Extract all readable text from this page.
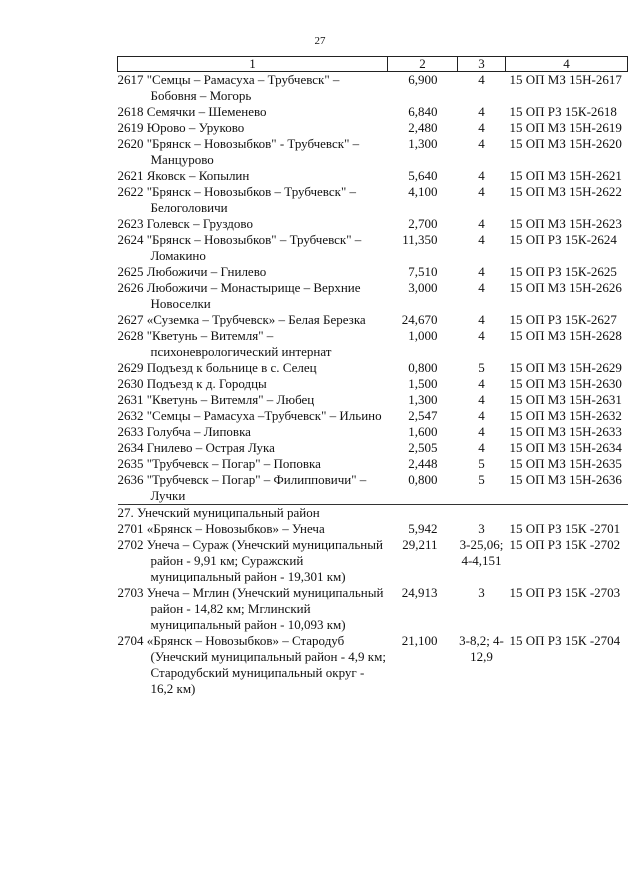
27
1	2	3	4
2617 "Семцы – Рамасуха – Трубчевск" – Бобовня – Могорь	6,900	4	15 ОП МЗ 15Н-2617
2618 Семячки – Шеменево	6,840	4	15 ОП РЗ 15К-2618
2619 Юрово – Уруково	2,480	4	15 ОП МЗ 15Н-2619
2620 "Брянск – Новозыбков" - Трубчевск" – Манцурово	1,300	4	15 ОП МЗ 15Н-2620
2621 Яковск – Копылин	5,640	4	15 ОП МЗ 15Н-2621
2622 "Брянск – Новозыбков – Трубчевск" – Белоголовичи	4,100	4	15 ОП МЗ 15Н-2622
2623 Голевск – Груздово	2,700	4	15 ОП МЗ 15Н-2623
2624 "Брянск – Новозыбков" – Трубчевск" – Ломакино	11,350	4	15 ОП РЗ 15К-2624
2625 Любожичи – Гнилево	7,510	4	15 ОП РЗ 15К-2625
2626 Любожичи – Монастырище – Верхние Новоселки	3,000	4	15 ОП МЗ 15Н-2626
2627 «Суземка – Трубчевск» – Белая Березка	24,670	4	15 ОП РЗ 15К-2627
2628 "Кветунь – Витемля" – психоневрологический интернат	1,000	4	15 ОП МЗ 15Н-2628
2629 Подъезд к больнице в с. Селец	0,800	5	15 ОП МЗ 15Н-2629
2630 Подъезд к д. Городцы	1,500	4	15 ОП МЗ 15Н-2630
2631 "Кветунь – Витемля" – Любец	1,300	4	15 ОП МЗ 15Н-2631
2632 "Семцы – Рамасуха –Трубчевск" – Ильино	2,547	4	15 ОП МЗ 15Н-2632
2633 Голубча – Липовка	1,600	4	15 ОП МЗ 15Н-2633
2634 Гнилево – Острая Лука	2,505	4	15 ОП МЗ 15Н-2634
2635 "Трубчевск – Погар" – Поповка	2,448	5	15 ОП МЗ 15Н-2635
2636 "Трубчевск – Погар" – Филипповичи" – Лучки	0,800	5	15 ОП МЗ 15Н-2636
27. Унечский муниципальный район			
2701 «Брянск – Новозыбков» – Унеча	5,942	3	15 ОП РЗ 15К -2701
2702 Унеча – Сураж (Унечский муниципальный район - 9,91 км; Суражский муниципальный район - 19,301 км)	29,211	3-25,06; 4-4,151	15 ОП РЗ 15К -2702
2703 Унеча – Мглин (Унечский муниципальный район - 14,82 км; Мглинский муниципальный район - 10,093 км)	24,913	3	15 ОП РЗ 15К -2703
2704 «Брянск – Новозыбков» – Стародуб (Унечский муниципальный район - 4,9 км; Стародубский муниципальный округ - 16,2 км)	21,100	3-8,2; 4-12,9	15 ОП РЗ 15К -2704
